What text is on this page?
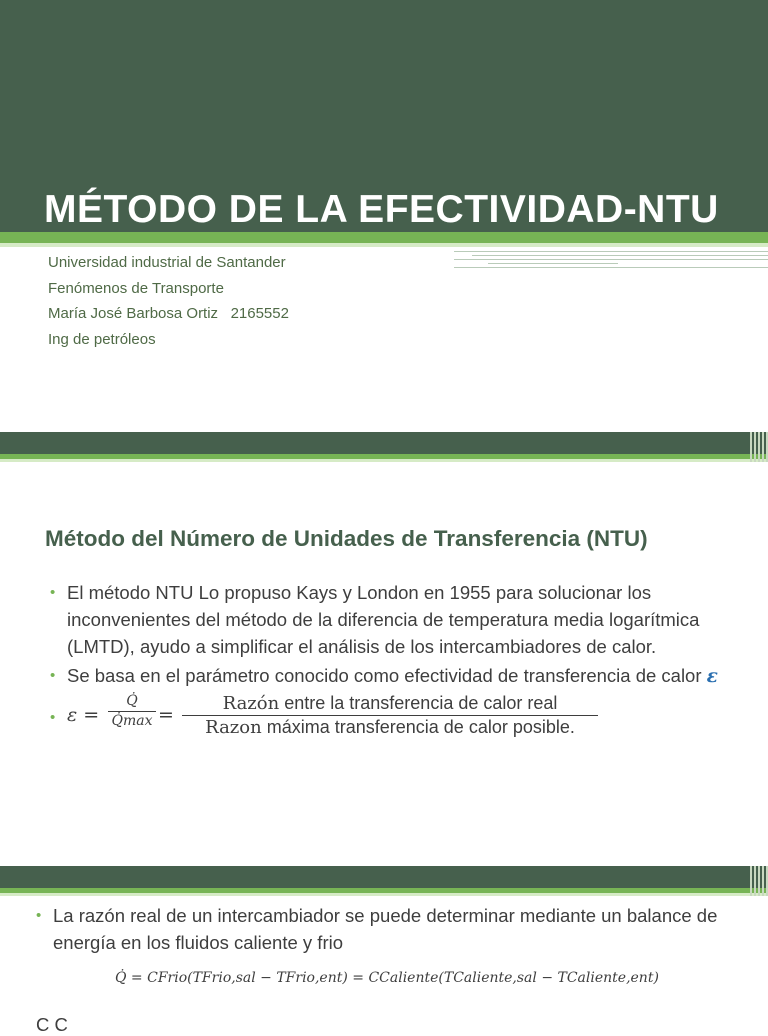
MÉTODO DE LA EFECTIVIDAD-NTU
Universidad industrial de Santander
Fenómenos de Transporte
María José Barbosa Ortiz   2165552
Ing de petróleos
Método del Número de Unidades de Transferencia (NTU)
• El método NTU Lo propuso Kays y London en 1955 para solucionar los inconvenientes del método de la diferencia de temperatura media logarítmica (LMTD), ayudo a simplificar el análisis de los intercambiadores de calor.
• Se basa en el parámetro conocido como efectividad de transferencia de calor ε
• ε =
Q̇
Q̇max =
Razón entre la transferencia de calor real
Razon máxima transferencia de calor posible.
• La razón real de un intercambiador se puede determinar mediante un balance de energía en los fluidos caliente y frio
Q̇ = CFrio(TFrio,sal − TFrio,ent) = CCaliente(TCaliente,sal − TCaliente,ent)
C C
